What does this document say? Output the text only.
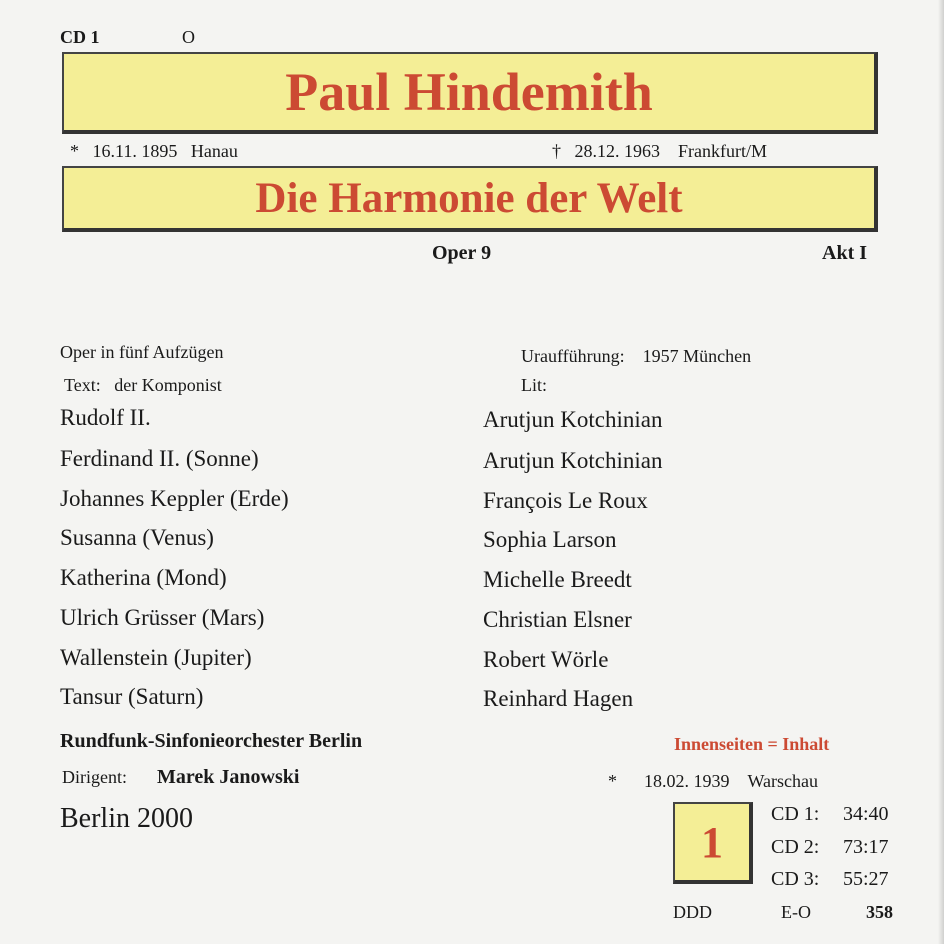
CD 1	O
Paul Hindemith
* 16.11. 1895 Hanau	† 28.12. 1963 Frankfurt/M
Die Harmonie der Welt
Oper 9	Akt I
Oper in fünf Aufzügen	Uraufführung: 1957 München
Text: der Komponist	Lit:
Rudolf II.	Arutjun Kotchinian
Ferdinand II. (Sonne)	Arutjun Kotchinian
Johannes Keppler (Erde)	François Le Roux
Susanna (Venus)	Sophia Larson
Katherina (Mond)	Michelle Breedt
Ulrich Grüsser (Mars)	Christian Elsner
Wallenstein (Jupiter)	Robert Wörle
Tansur (Saturn)	Reinhard Hagen
Rundfunk-Sinfonieorchester Berlin	Innenseiten = Inhalt
Dirigent: Marek Janowski	* 18.02. 1939 Warschau
Berlin 2000	1
CD 1: 34:40
CD 2: 73:17
CD 3: 55:27
DDD	E-O	358
